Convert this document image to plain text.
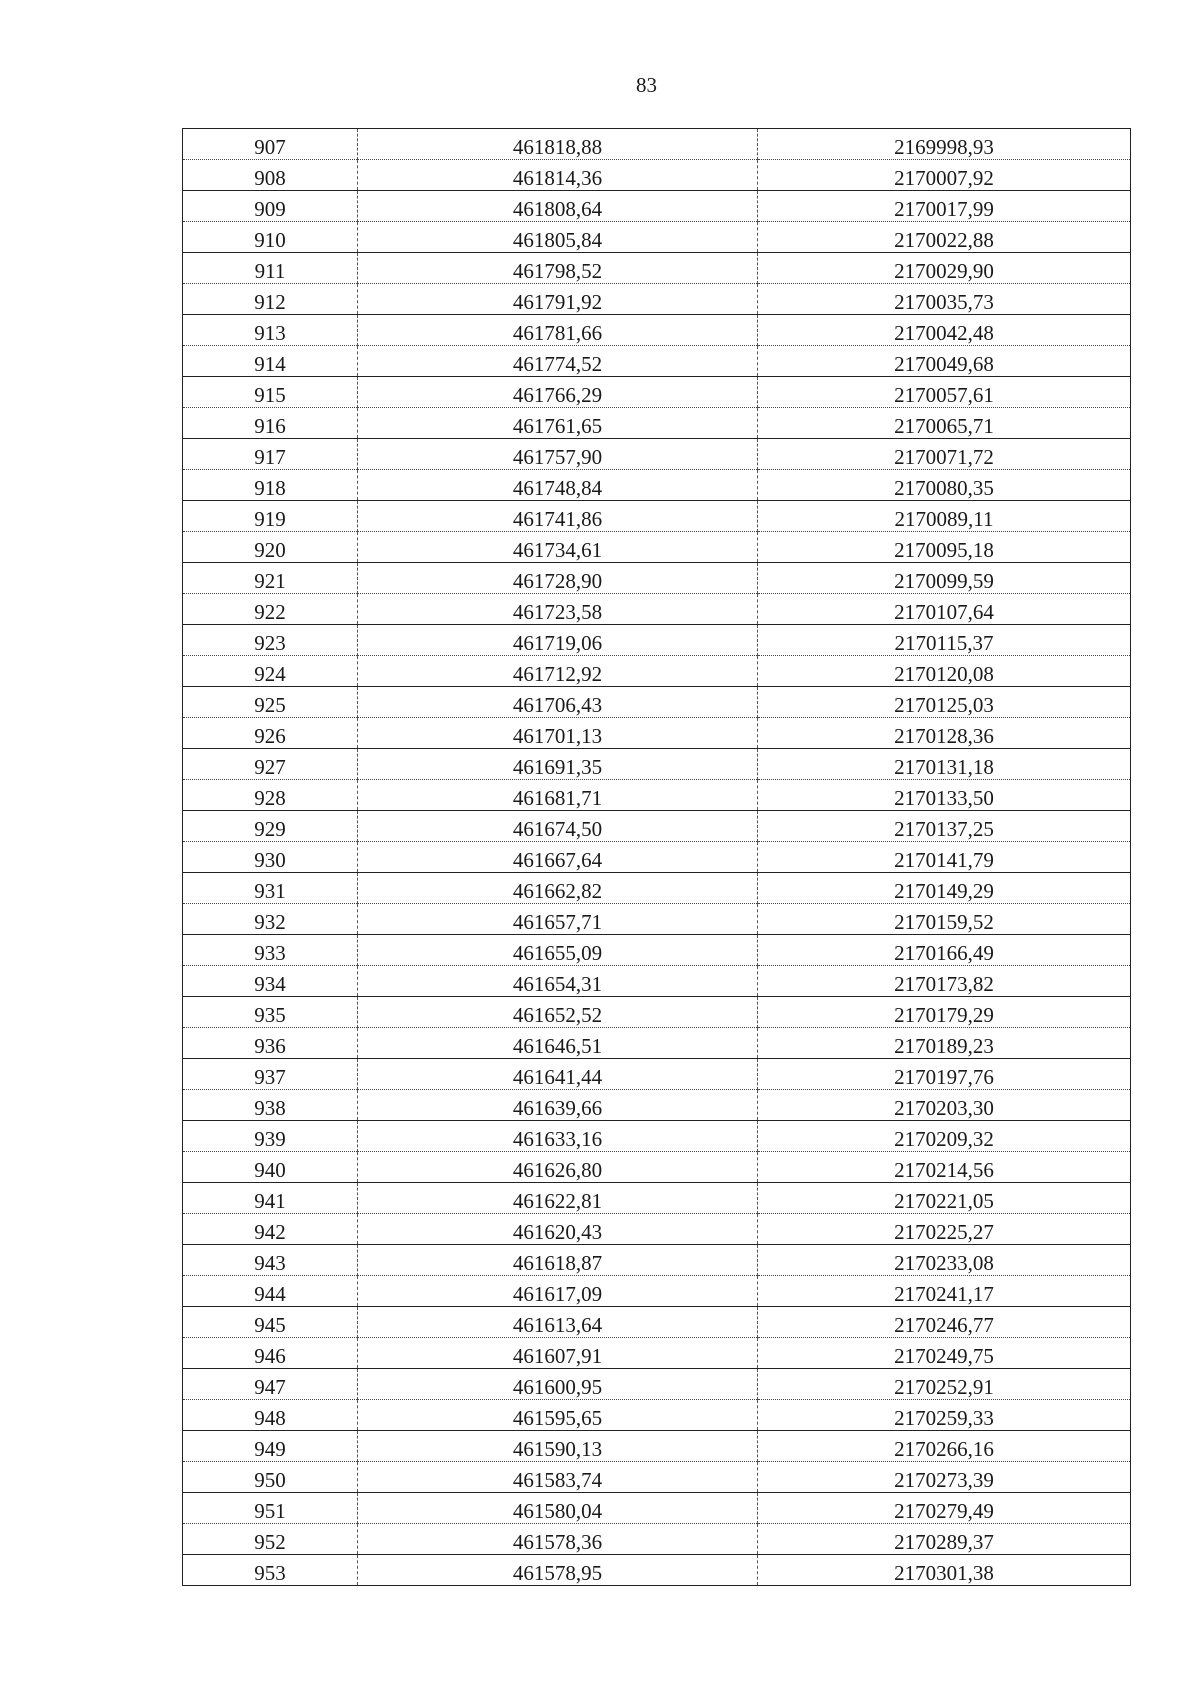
83
907	461818,88	2169998,93
908	461814,36	2170007,92
909	461808,64	2170017,99
910	461805,84	2170022,88
911	461798,52	2170029,90
912	461791,92	2170035,73
913	461781,66	2170042,48
914	461774,52	2170049,68
915	461766,29	2170057,61
916	461761,65	2170065,71
917	461757,90	2170071,72
918	461748,84	2170080,35
919	461741,86	2170089,11
920	461734,61	2170095,18
921	461728,90	2170099,59
922	461723,58	2170107,64
923	461719,06	2170115,37
924	461712,92	2170120,08
925	461706,43	2170125,03
926	461701,13	2170128,36
927	461691,35	2170131,18
928	461681,71	2170133,50
929	461674,50	2170137,25
930	461667,64	2170141,79
931	461662,82	2170149,29
932	461657,71	2170159,52
933	461655,09	2170166,49
934	461654,31	2170173,82
935	461652,52	2170179,29
936	461646,51	2170189,23
937	461641,44	2170197,76
938	461639,66	2170203,30
939	461633,16	2170209,32
940	461626,80	2170214,56
941	461622,81	2170221,05
942	461620,43	2170225,27
943	461618,87	2170233,08
944	461617,09	2170241,17
945	461613,64	2170246,77
946	461607,91	2170249,75
947	461600,95	2170252,91
948	461595,65	2170259,33
949	461590,13	2170266,16
950	461583,74	2170273,39
951	461580,04	2170279,49
952	461578,36	2170289,37
953	461578,95	2170301,38
